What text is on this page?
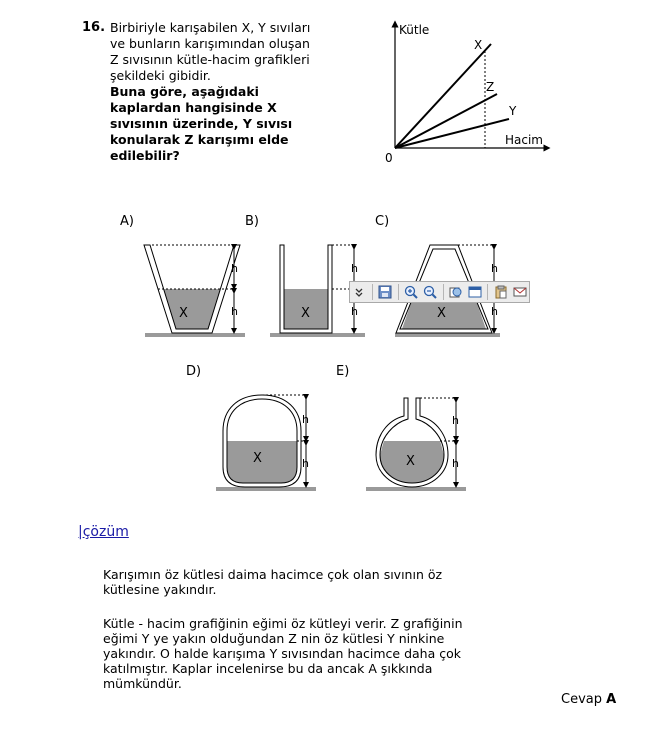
16. Birbiriyle karışabilen X, Y sıvıları
ve bunların karışımından oluşan
Z sıvısının kütle-hacim grafikleri
şekildeki gibidir.
Buna göre, aşağıdaki
kaplardan hangisinde X
sıvısının üzerinde, Y sıvısı
konularak Z karışımı elde
edilebilir?
Kütle
Hacim
0
X
Z
Y
A)
X
h
h
B)
X
h
h
C)
X
h
h
D)
X
h
h
E)
X
h
h
|çözüm
Karışımın öz kütlesi daima hacimce çok olan sıvının öz
kütlesine yakındır.
Kütle - hacim grafiğinin eğimi öz kütleyi verir. Z grafiğinin
eğimi Y ye yakın olduğundan Z nin öz kütlesi Y ninkine
yakındır. O halde karışıma Y sıvısından hacimce daha çok
katılmıştır. Kaplar incelenirse bu da ancak A şıkkında
mümkündür.
Cevap A
